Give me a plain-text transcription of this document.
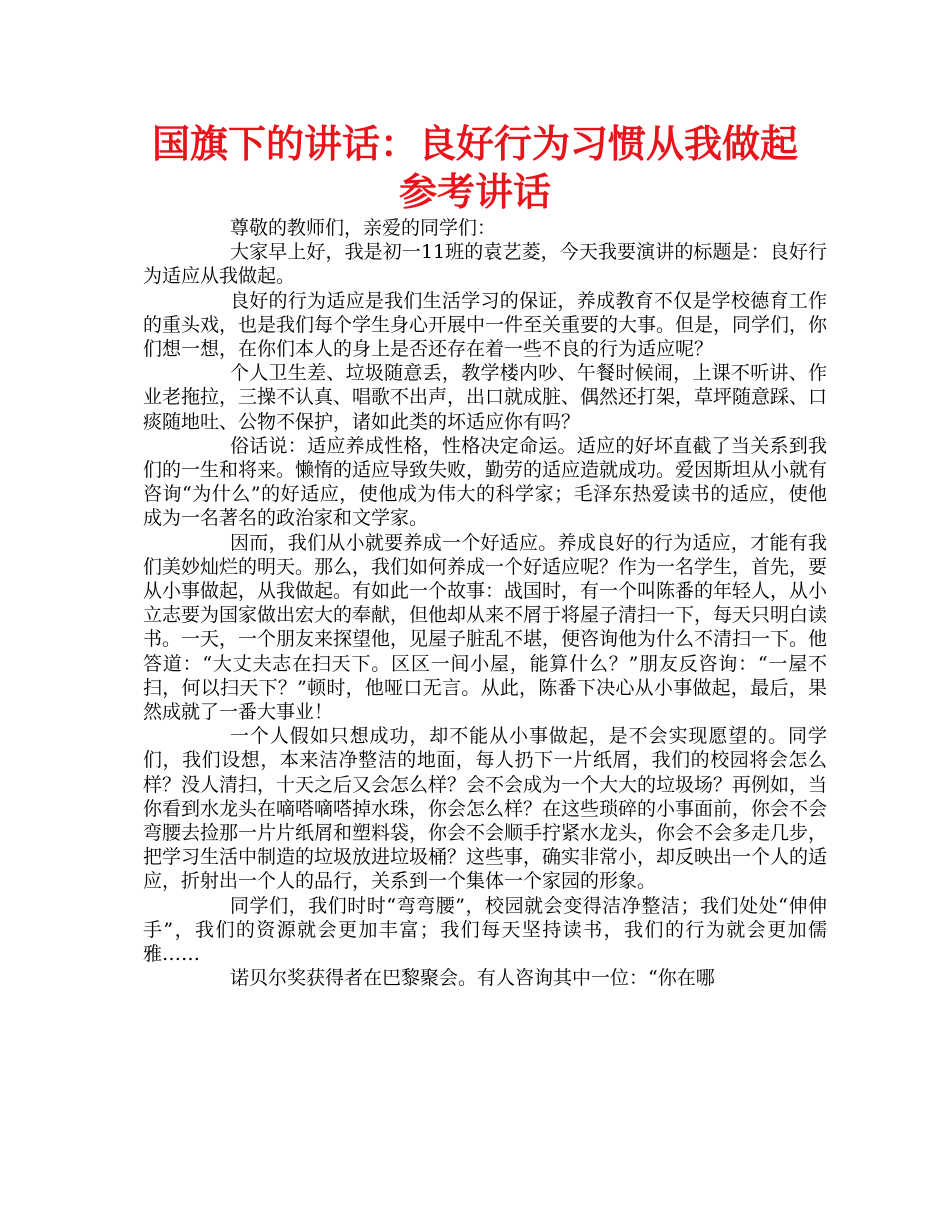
国旗下的讲话：良好行为习惯从我做起参考讲话

尊敬的教师们，亲爱的同学们：

大家早上好，我是初一11班的袁艺菱，今天我要演讲的标题是：良好行为适应从我做起。

良好的行为适应是我们生活学习的保证，养成教育不仅是学校德育工作的重头戏，也是我们每个学生身心开展中一件至关重要的大事。但是，同学们，你们想一想，在你们本人的身上是否还存在着一些不良的行为适应呢？

个人卫生差、垃圾随意丢，教学楼内吵、午餐时候闹，上课不听讲、作业老拖拉，三操不认真、唱歌不出声，出口就成脏、偶然还打架，草坪随意踩、口痰随地吐、公物不保护，诸如此类的坏适应你有吗？

俗话说：适应养成性格，性格决定命运。适应的好坏直截了当关系到我们的一生和将来。懒惰的适应导致失败，勤劳的适应造就成功。爱因斯坦从小就有咨询“为什么”的好适应，使他成为伟大的科学家；毛泽东热爱读书的适应，使他成为一名著名的政治家和文学家。

因而，我们从小就要养成一个好适应。养成良好的行为适应，才能有我们美妙灿烂的明天。那么，我们如何养成一个好适应呢？作为一名学生，首先，要从小事做起，从我做起。有如此一个故事：战国时，有一个叫陈番的年轻人，从小立志要为国家做出宏大的奉献，但他却从来不屑于将屋子清扫一下，每天只明白读书。一天，一个朋友来探望他，见屋子脏乱不堪，便咨询他为什么不清扫一下。他答道：“大丈夫志在扫天下。区区一间小屋，能算什么？”朋友反咨询：“一屋不扫，何以扫天下？”顿时，他哑口无言。从此，陈番下决心从小事做起，最后，果然成就了一番大事业！

一个人假如只想成功，却不能从小事做起，是不会实现愿望的。同学们，我们设想，本来洁净整洁的地面，每人扔下一片纸屑，我们的校园将会怎么样？没人清扫，十天之后又会怎么样？会不会成为一个大大的垃圾场？再例如，当你看到水龙头在嘀嗒嘀嗒掉水珠，你会怎么样？在这些琐碎的小事面前，你会不会弯腰去捡那一片片纸屑和塑料袋，你会不会顺手拧紧水龙头，你会不会多走几步，把学习生活中制造的垃圾放进垃圾桶？这些事，确实非常小，却反映出一个人的适应，折射出一个人的品行，关系到一个集体一个家园的形象。

同学们，我们时时“弯弯腰”，校园就会变得洁净整洁；我们处处“伸伸手”，我们的资源就会更加丰富；我们每天坚持读书，我们的行为就会更加儒雅……

诺贝尔奖获得者在巴黎聚会。有人咨询其中一位：“你在哪
